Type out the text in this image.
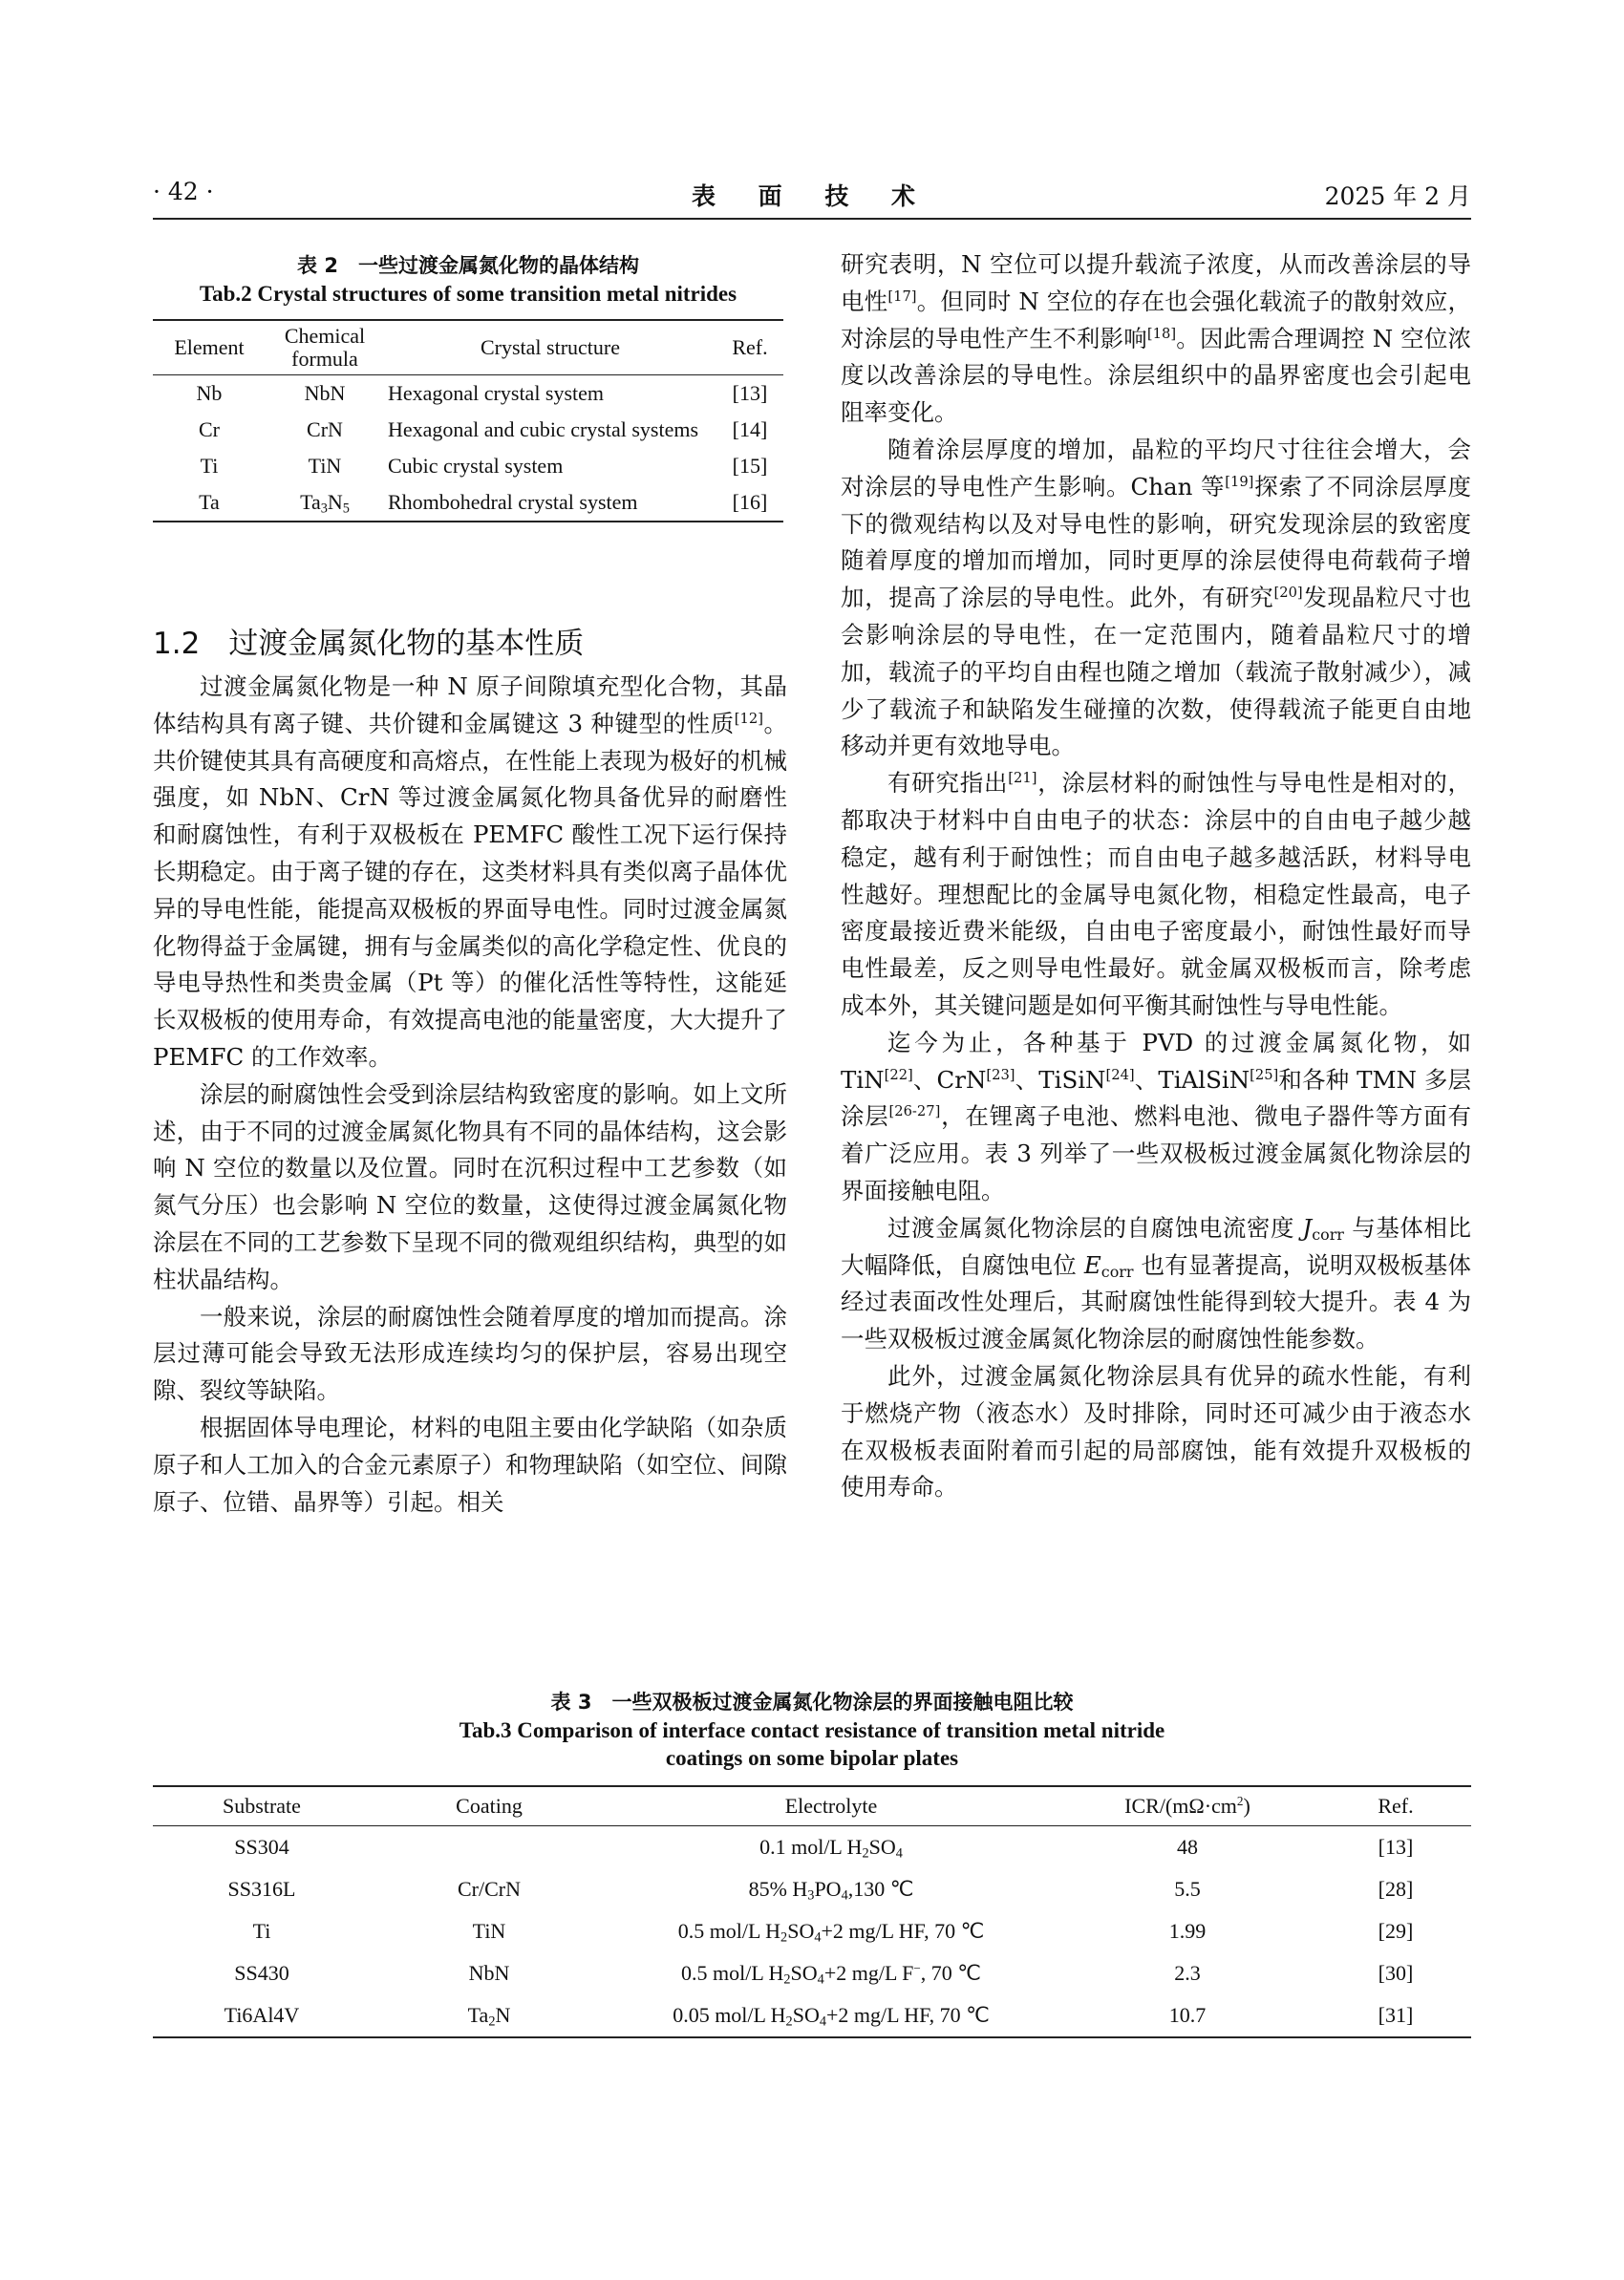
· 42 ·	表 面 技 术	2025 年 2 月
表 2　一些过渡金属氮化物的晶体结构
Tab.2 Crystal structures of some transition metal nitrides
Element	Chemical formula	Crystal structure	Ref.
Nb	NbN	Hexagonal crystal system	[13]
Cr	CrN	Hexagonal and cubic crystal systems	[14]
Ti	TiN	Cubic crystal system	[15]
Ta	$Ta_3N_5$	Rhombohedral crystal system	[16]
1.2 过渡金属氮化物的基本性质

过渡金属氮化物是一种 N 原子间隙填充型化合物，其晶体结构具有离子键、共价键和金属键这 3 种键型的性质[12]。共价键使其具有高硬度和高熔点，在性能上表现为极好的机械强度，如 NbN、CrN 等过渡金属氮化物具备优异的耐磨性和耐腐蚀性，有利于双极板在 PEMFC 酸性工况下运行保持长期稳定。由于离子键的存在，这类材料具有类似离子晶体优异的导电性能，能提高双极板的界面导电性。同时过渡金属氮化物得益于金属键，拥有与金属类似的高化学稳定性、优良的导电导热性和类贵金属（Pt 等）的催化活性等特性，这能延长双极板的使用寿命，有效提高电池的能量密度，大大提升了 PEMFC 的工作效率。

涂层的耐腐蚀性会受到涂层结构致密度的影响。如上文所述，由于不同的过渡金属氮化物具有不同的晶体结构，这会影响 N 空位的数量以及位置。同时在沉积过程中工艺参数（如氮气分压）也会影响 N 空位的数量，这使得过渡金属氮化物涂层在不同的工艺参数下呈现不同的微观组织结构，典型的如柱状晶结构。

一般来说，涂层的耐腐蚀性会随着厚度的增加而提高。涂层过薄可能会导致无法形成连续均匀的保护层，容易出现空隙、裂纹等缺陷。

根据固体导电理论，材料的电阻主要由化学缺陷（如杂质原子和人工加入的合金元素原子）和物理缺陷（如空位、间隙原子、位错、晶界等）引起。相关

研究表明，N 空位可以提升载流子浓度，从而改善涂层的导电性[17]。但同时 N 空位的存在也会强化载流子的散射效应，对涂层的导电性产生不利影响[18]。因此需合理调控 N 空位浓度以改善涂层的导电性。涂层组织中的晶界密度也会引起电阻率变化。

随着涂层厚度的增加，晶粒的平均尺寸往往会增大，会对涂层的导电性产生影响。Chan 等[19]探索了不同涂层厚度下的微观结构以及对导电性的影响，研究发现涂层的致密度随着厚度的增加而增加，同时更厚的涂层使得电荷载荷子增加，提高了涂层的导电性。此外，有研究[20]发现晶粒尺寸也会影响涂层的导电性，在一定范围内，随着晶粒尺寸的增加，载流子的平均自由程也随之增加（载流子散射减少），减少了载流子和缺陷发生碰撞的次数，使得载流子能更自由地移动并更有效地导电。

有研究指出[21]，涂层材料的耐蚀性与导电性是相对的，都取决于材料中自由电子的状态：涂层中的自由电子越少越稳定，越有利于耐蚀性；而自由电子越多越活跃，材料导电性越好。理想配比的金属导电氮化物，相稳定性最高，电子密度最接近费米能级，自由电子密度最小，耐蚀性最好而导电性最差，反之则导电性最好。就金属双极板而言，除考虑成本外，其关键问题是如何平衡其耐蚀性与导电性能。

迄今为止，各种基于 PVD 的过渡金属氮化物，如 TiN[22]、CrN[23]、TiSiN[24]、TiAlSiN[25]和各种 TMN 多层涂层[26-27]，在锂离子电池、燃料电池、微电子器件等方面有着广泛应用。表 3 列举了一些双极板过渡金属氮化物涂层的界面接触电阻。

过渡金属氮化物涂层的自腐蚀电流密度 $J_{corr}$ 与基体相比大幅降低，自腐蚀电位 $E_{corr}$ 也有显著提高，说明双极板基体经过表面改性处理后，其耐腐蚀性能得到较大提升。表 4 为一些双极板过渡金属氮化物涂层的耐腐蚀性能参数。

此外，过渡金属氮化物涂层具有优异的疏水性能，有利于燃烧产物（液态水）及时排除，同时还可减少由于液态水在双极板表面附着而引起的局部腐蚀，能有效提升双极板的使用寿命。

表 3　一些双极板过渡金属氮化物涂层的界面接触电阻比较
Tab.3 Comparison of interface contact resistance of transition metal nitride
coatings on some bipolar plates
Substrate	Coating	Electrolyte	ICR/$(m\Omega\cdot cm^2)$	Ref.
SS304		0.1 mol/L $H_2SO_4$	48	[13]
SS316L	Cr/CrN	85% $H_3PO_4,130$ ℃	5.5	[28]
Ti	TiN	0.5 mol/L $H_2SO_4+2$ mg/L HF, 70 ℃	1.99	[29]
SS430	NbN	0.5 mol/L $H_2SO_4+2$ mg/L F−, 70 ℃	2.3	[30]
Ti6Al4V	$Ta_2N$	0.05 mol/L $H_2SO_4+2$ mg/L HF, 70 ℃	10.7	[31]
